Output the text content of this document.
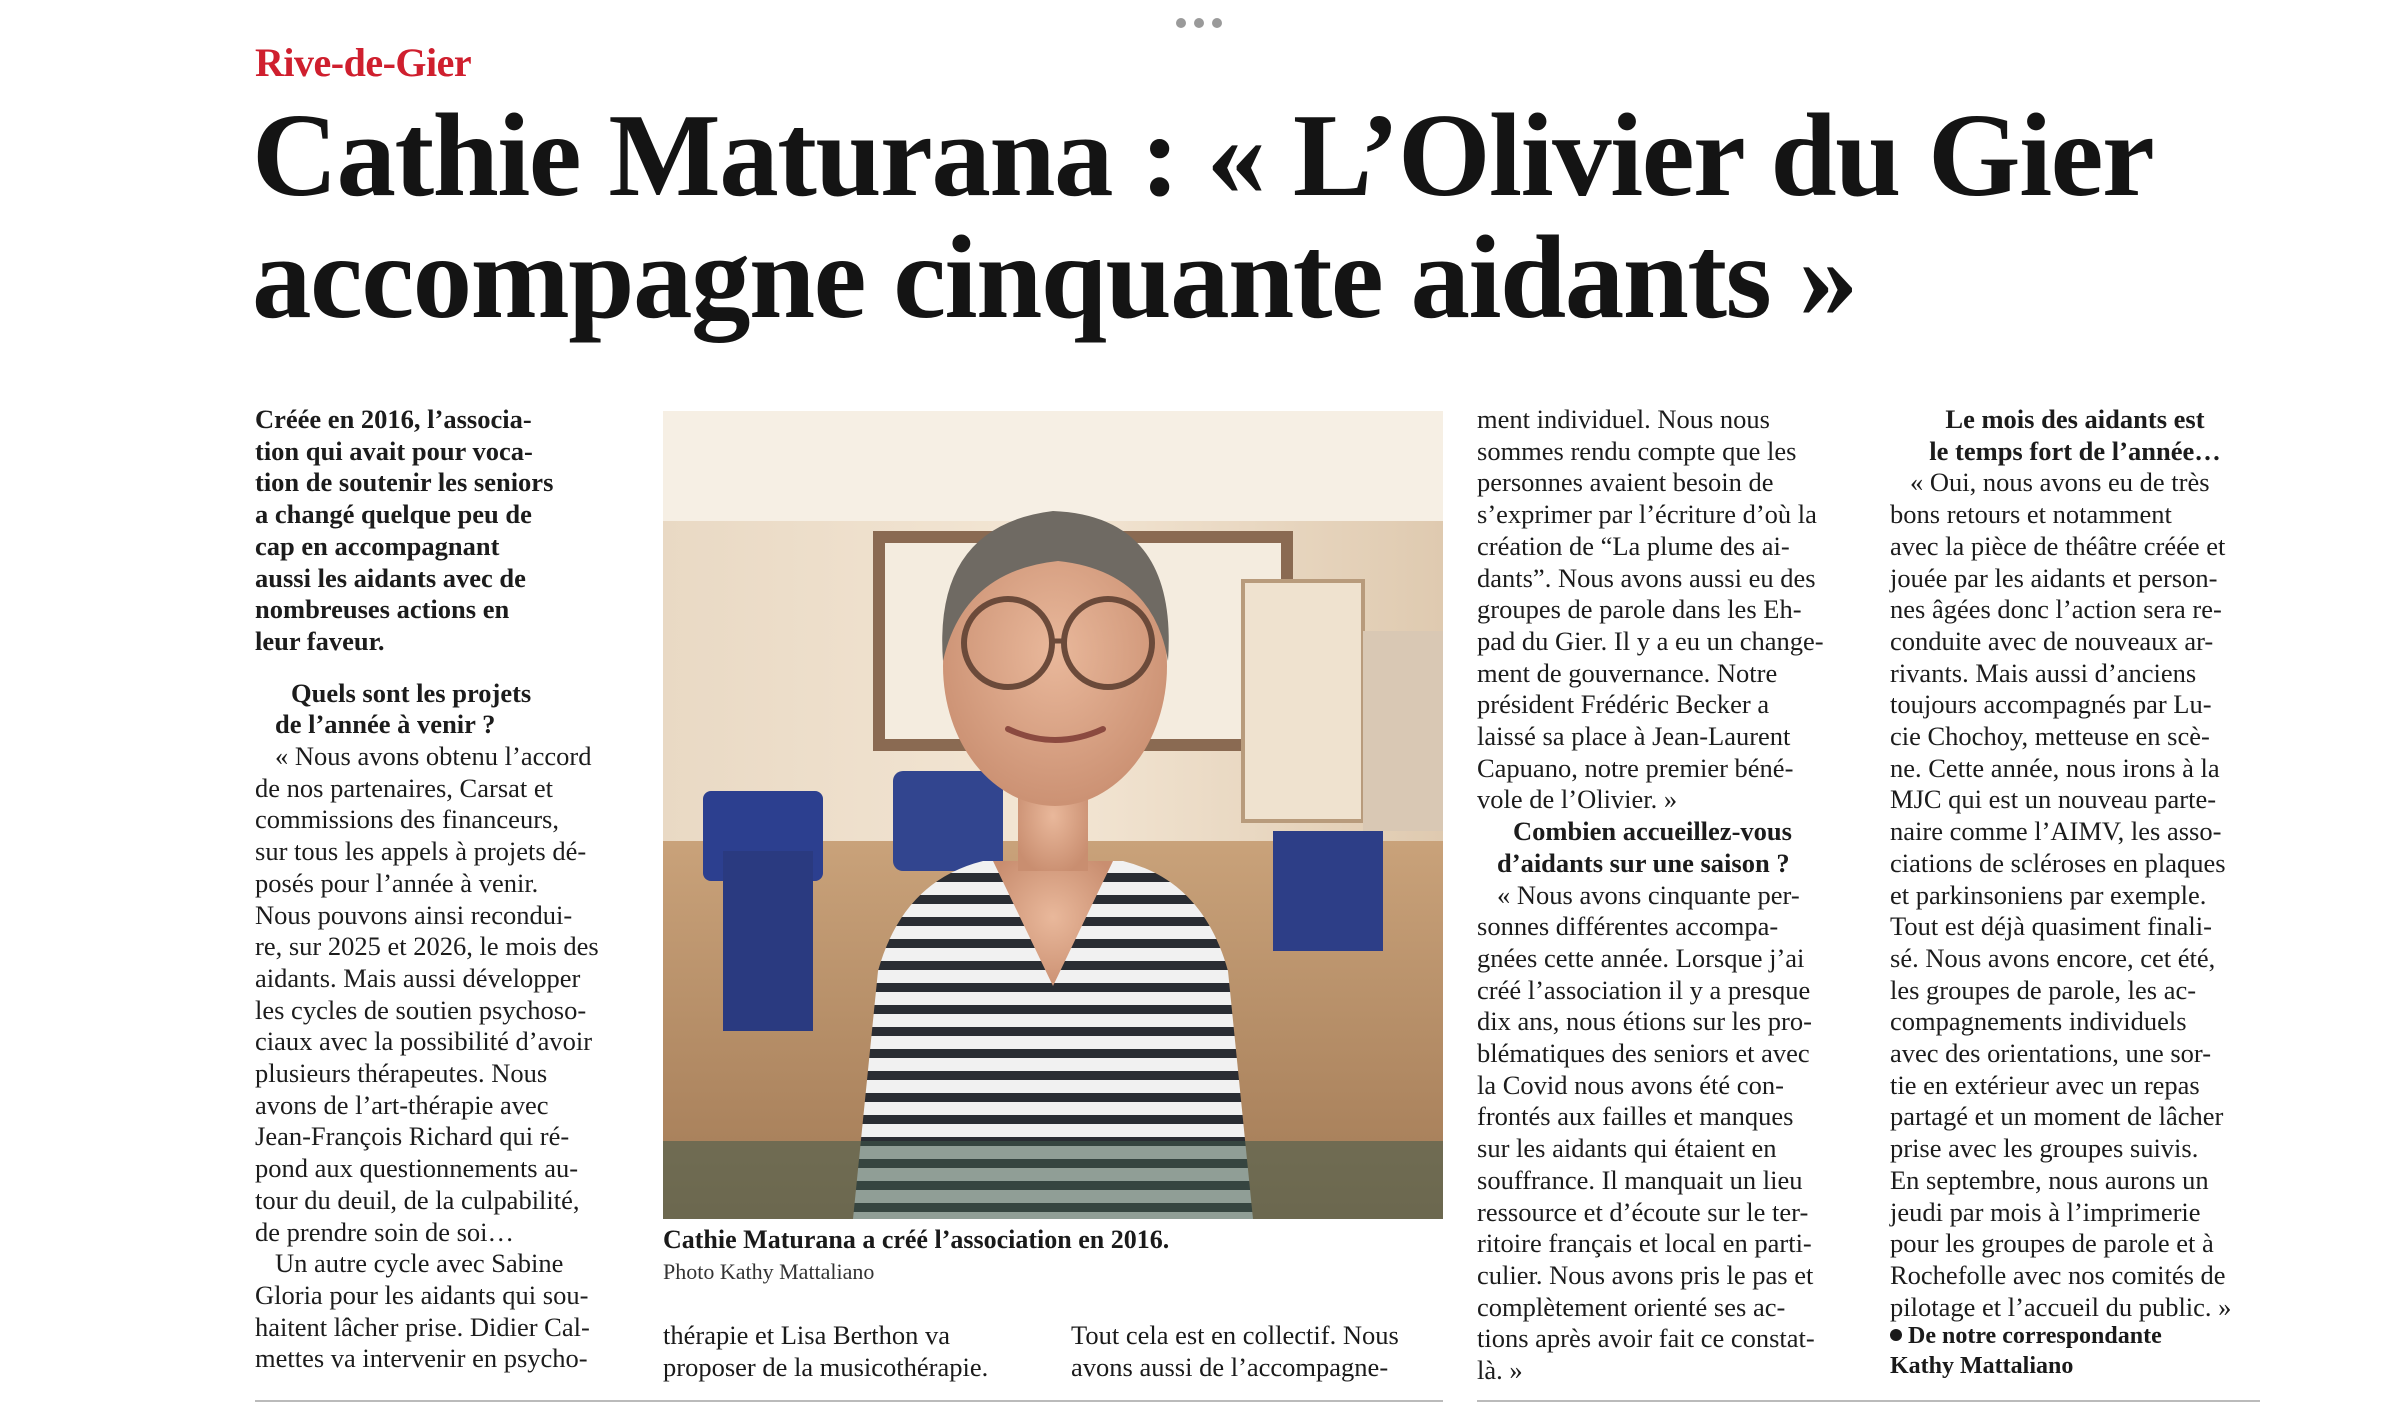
Rive-de-Gier
Cathie Maturana : « L’Olivier du Gier
accompagne cinquante aidants »
Créée en 2016, l’associa-
tion qui avait pour voca-
tion de soutenir les seniors
a changé quelque peu de
cap en accompagnant
aussi les aidants avec de
nombreuses actions en
leur faveur.
Quels sont les projets
de l’année à venir ?
« Nous avons obtenu l’accord
de nos partenaires, Carsat et
commissions des financeurs,
sur tous les appels à projets dé-
posés pour l’année à venir.
Nous pouvons ainsi recondui-
re, sur 2025 et 2026, le mois des
aidants. Mais aussi développer
les cycles de soutien psychoso-
ciaux avec la possibilité d’avoir
plusieurs thérapeutes. Nous
avons de l’art-thérapie avec
Jean-François Richard qui ré-
pond aux questionnements au-
tour du deuil, de la culpabilité,
de prendre soin de soi…
Un autre cycle avec Sabine
Gloria pour les aidants qui sou-
haitent lâcher prise. Didier Cal-
mettes va intervenir en psycho-
Cathie Maturana a créé l’association en 2016.
Photo Kathy Mattaliano
thérapie et Lisa Berthon va
proposer de la musicothérapie.
Tout cela est en collectif. Nous
avons aussi de l’accompagne-
ment individuel. Nous nous
sommes rendu compte que les
personnes avaient besoin de
s’exprimer par l’écriture d’où la
création de “La plume des ai-
dants”. Nous avons aussi eu des
groupes de parole dans les Eh-
pad du Gier. Il y a eu un change-
ment de gouvernance. Notre
président Frédéric Becker a
laissé sa place à Jean-Laurent
Capuano, notre premier béné-
vole de l’Olivier. »
Combien accueillez-vous
d’aidants sur une saison ?
« Nous avons cinquante per-
sonnes différentes accompa-
gnées cette année. Lorsque j’ai
créé l’association il y a presque
dix ans, nous étions sur les pro-
blématiques des seniors et avec
la Covid nous avons été con-
frontés aux failles et manques
sur les aidants qui étaient en
souffrance. Il manquait un lieu
ressource et d’écoute sur le ter-
ritoire français et local en parti-
culier. Nous avons pris le pas et
complètement orienté ses ac-
tions après avoir fait ce constat-
là. »
Le mois des aidants est
le temps fort de l’année…
« Oui, nous avons eu de très
bons retours et notamment
avec la pièce de théâtre créée et
jouée par les aidants et person-
nes âgées donc l’action sera re-
conduite avec de nouveaux ar-
rivants. Mais aussi d’anciens
toujours accompagnés par Lu-
cie Chochoy, metteuse en scè-
ne. Cette année, nous irons à la
MJC qui est un nouveau parte-
naire comme l’AIMV, les asso-
ciations de scléroses en plaques
et parkinsoniens par exemple.
Tout est déjà quasiment finali-
sé. Nous avons encore, cet été,
les groupes de parole, les ac-
compagnements individuels
avec des orientations, une sor-
tie en extérieur avec un repas
partagé et un moment de lâcher
prise avec les groupes suivis.
En septembre, nous aurons un
jeudi par mois à l’imprimerie
pour les groupes de parole et à
Rochefolle avec nos comités de
pilotage et l’accueil du public. »
De notre correspondante
Kathy Mattaliano
